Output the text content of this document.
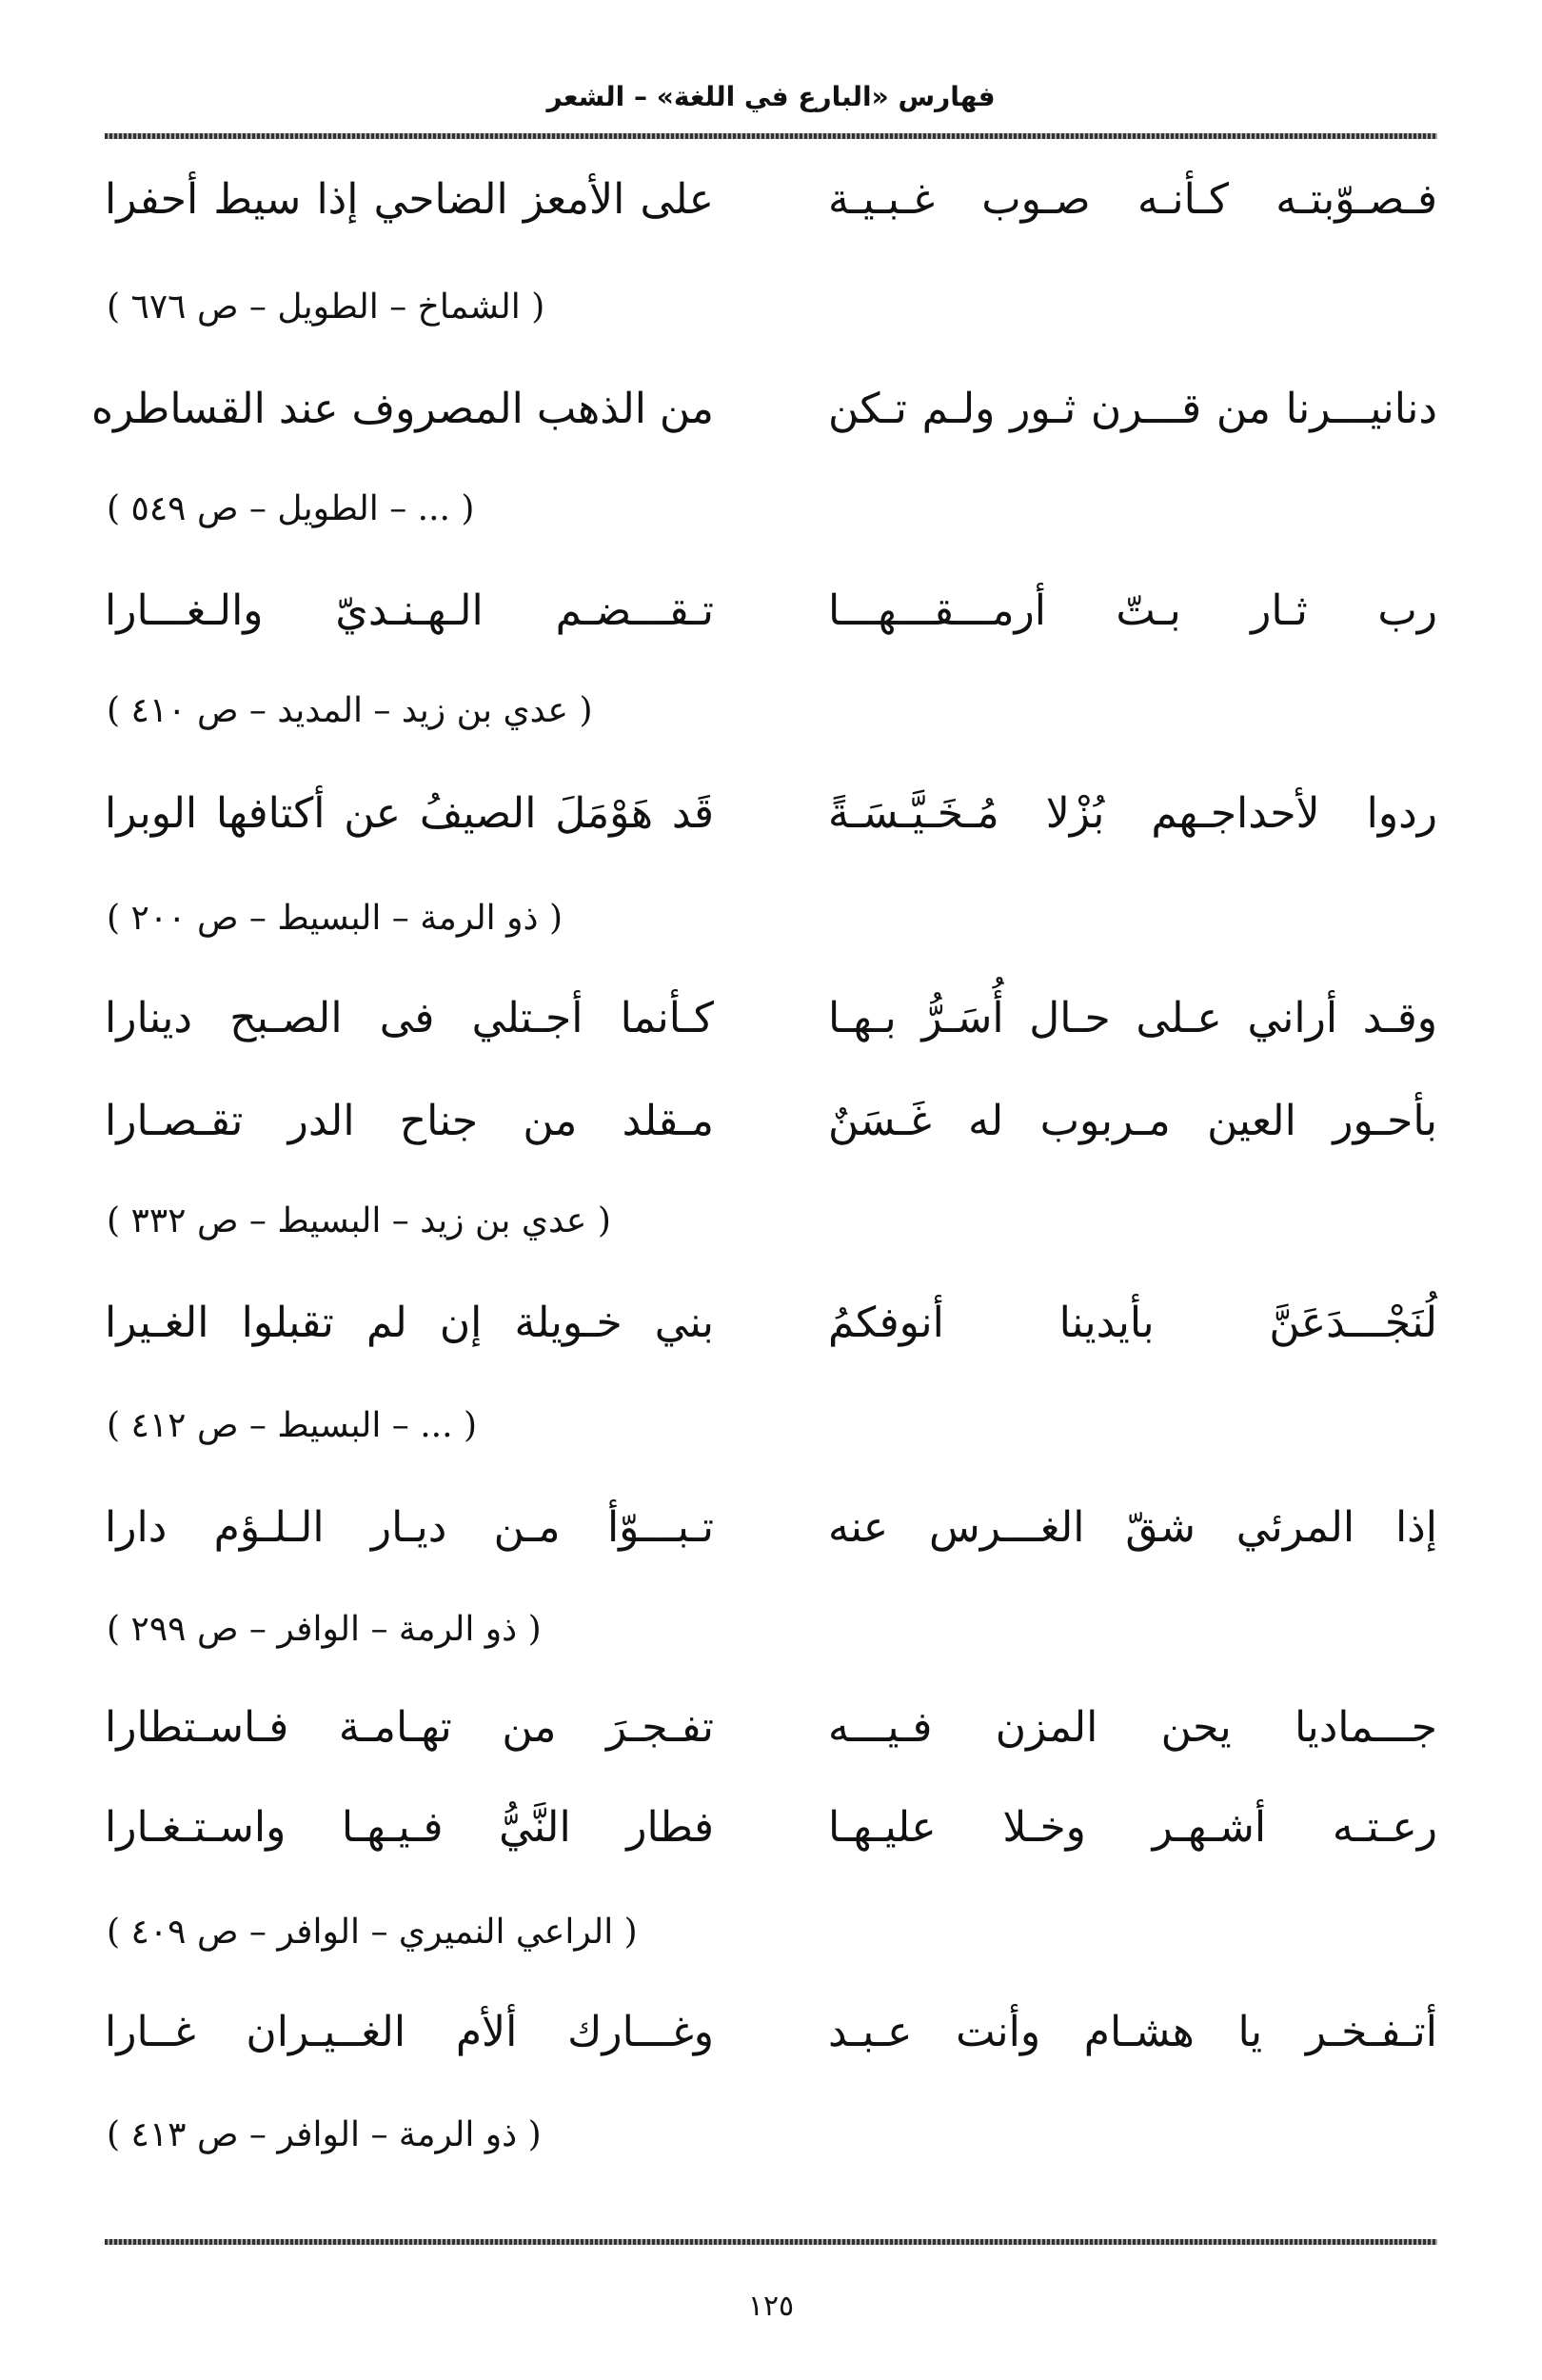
فهارس «البارع في اللغة» – الشعر
فـصـوّبتـه كـأنـه صـوب غـبـيـة
على الأمعز الضاحي إذا سيط أحفرا
( الشماخ – الطويل – ص ٦٧٦ )
دنانيـــرنا من قـــرن ثـور ولـم تـكن
من الذهب المصروف عند القساطره
( ... – الطويل – ص ٥٤٩ )
رب ثـار بـتّ أرمـــقـــهـــا
تـقـــضـم الـهـنـديّ والـغـــارا
( عدي بن زيد – المديد – ص ٤١٠ )
ردوا لأحداجـهم بُزْلا مُـخَـيَّـسَـةً
قَد هَوْمَلَ الصيفُ عن أكتافها الوبرا
( ذو الرمة – البسيط – ص ٢٠٠ )
وقـد أراني عـلى حـال أُسَـرُّ بـهـا
كـأنما أجـتلي فى الصـبح دينارا
بأحـور العين مـربوب له غَـسَنٌ
مـقلد من جناح الدر تقـصـارا
( عدي بن زيد – البسيط – ص ٣٣٢ )
لُنَجْـــدَعَنَّ بأيدينا أنوفكمُ
بني خـويلة إن لم تقبلوا الغـيرا
( ... – البسيط – ص ٤١٢ )
إذا المرئي شقّ الغـــرس عنه
تـبـــوّأ مـن ديـار الـلـؤم دارا
( ذو الرمة – الوافر – ص ٢٩٩ )
جـــماديا يحن المزن فـيـــه
تفـجـرَ من تهـامـة فـاسـتطارا
رعـتـه أشـهـر وخـلا عليـهـا
فطار النَّيُّ فـيـهـا واسـتـغـارا
( الراعي النميري – الوافر – ص ٤٠٩ )
أتـفـخـر يا هشـام وأنت عـبـد
وغـــارك ألأم الغــيـران غــارا
( ذو الرمة – الوافر – ص ٤١٣ )
١٢٥
